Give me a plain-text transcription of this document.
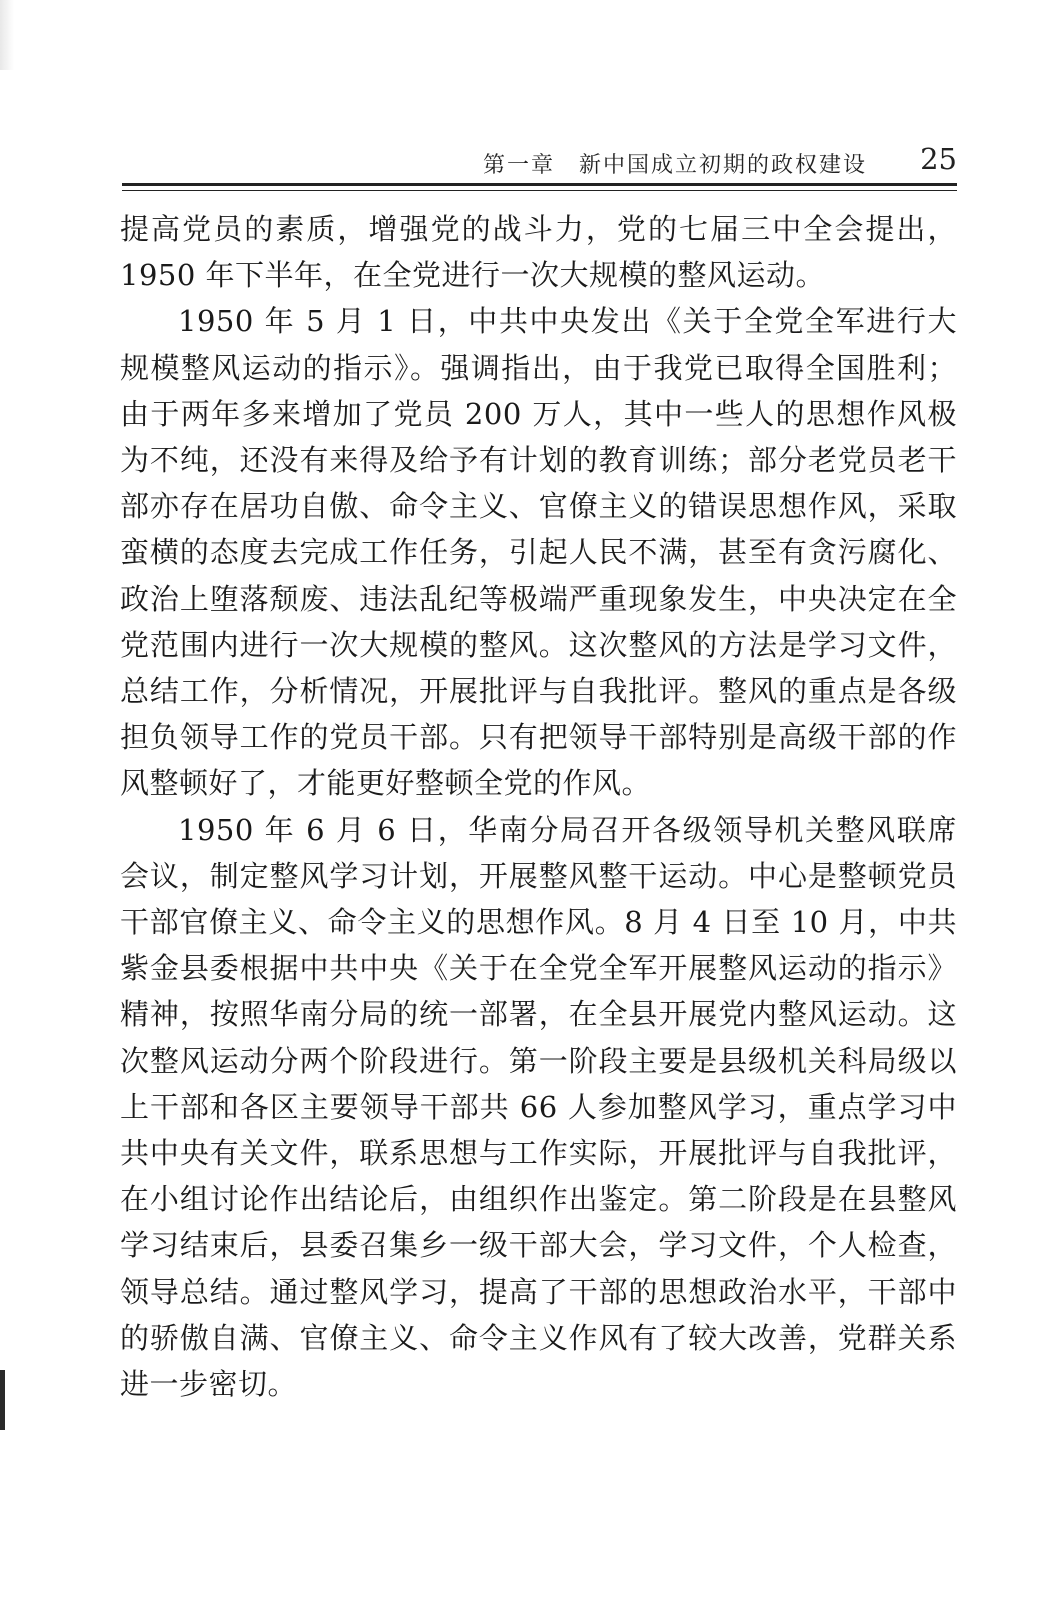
第一章　新中国成立初期的政权建设 25

提高党员的素质，增强党的战斗力，党的七届三中全会提出，1950 年下半年，在全党进行一次大规模的整风运动。

1950 年 5 月 1 日，中共中央发出《关于全党全军进行大规模整风运动的指示》。强调指出，由于我党已取得全国胜利；由于两年多来增加了党员 200 万人，其中一些人的思想作风极为不纯，还没有来得及给予有计划的教育训练；部分老党员老干部亦存在居功自傲、命令主义、官僚主义的错误思想作风，采取蛮横的态度去完成工作任务，引起人民不满，甚至有贪污腐化、政治上堕落颓废、违法乱纪等极端严重现象发生，中央决定在全党范围内进行一次大规模的整风。这次整风的方法是学习文件，总结工作，分析情况，开展批评与自我批评。整风的重点是各级担负领导工作的党员干部。只有把领导干部特别是高级干部的作风整顿好了，才能更好整顿全党的作风。

1950 年 6 月 6 日，华南分局召开各级领导机关整风联席会议，制定整风学习计划，开展整风整干运动。中心是整顿党员干部官僚主义、命令主义的思想作风。8 月 4 日至 10 月，中共紫金县委根据中共中央《关于在全党全军开展整风运动的指示》精神，按照华南分局的统一部署，在全县开展党内整风运动。这次整风运动分两个阶段进行。第一阶段主要是县级机关科局级以上干部和各区主要领导干部共 66 人参加整风学习，重点学习中共中央有关文件，联系思想与工作实际，开展批评与自我批评，在小组讨论作出结论后，由组织作出鉴定。第二阶段是在县整风学习结束后，县委召集乡一级干部大会，学习文件，个人检查，领导总结。通过整风学习，提高了干部的思想政治水平，干部中的骄傲自满、官僚主义、命令主义作风有了较大改善，党群关系进一步密切。
